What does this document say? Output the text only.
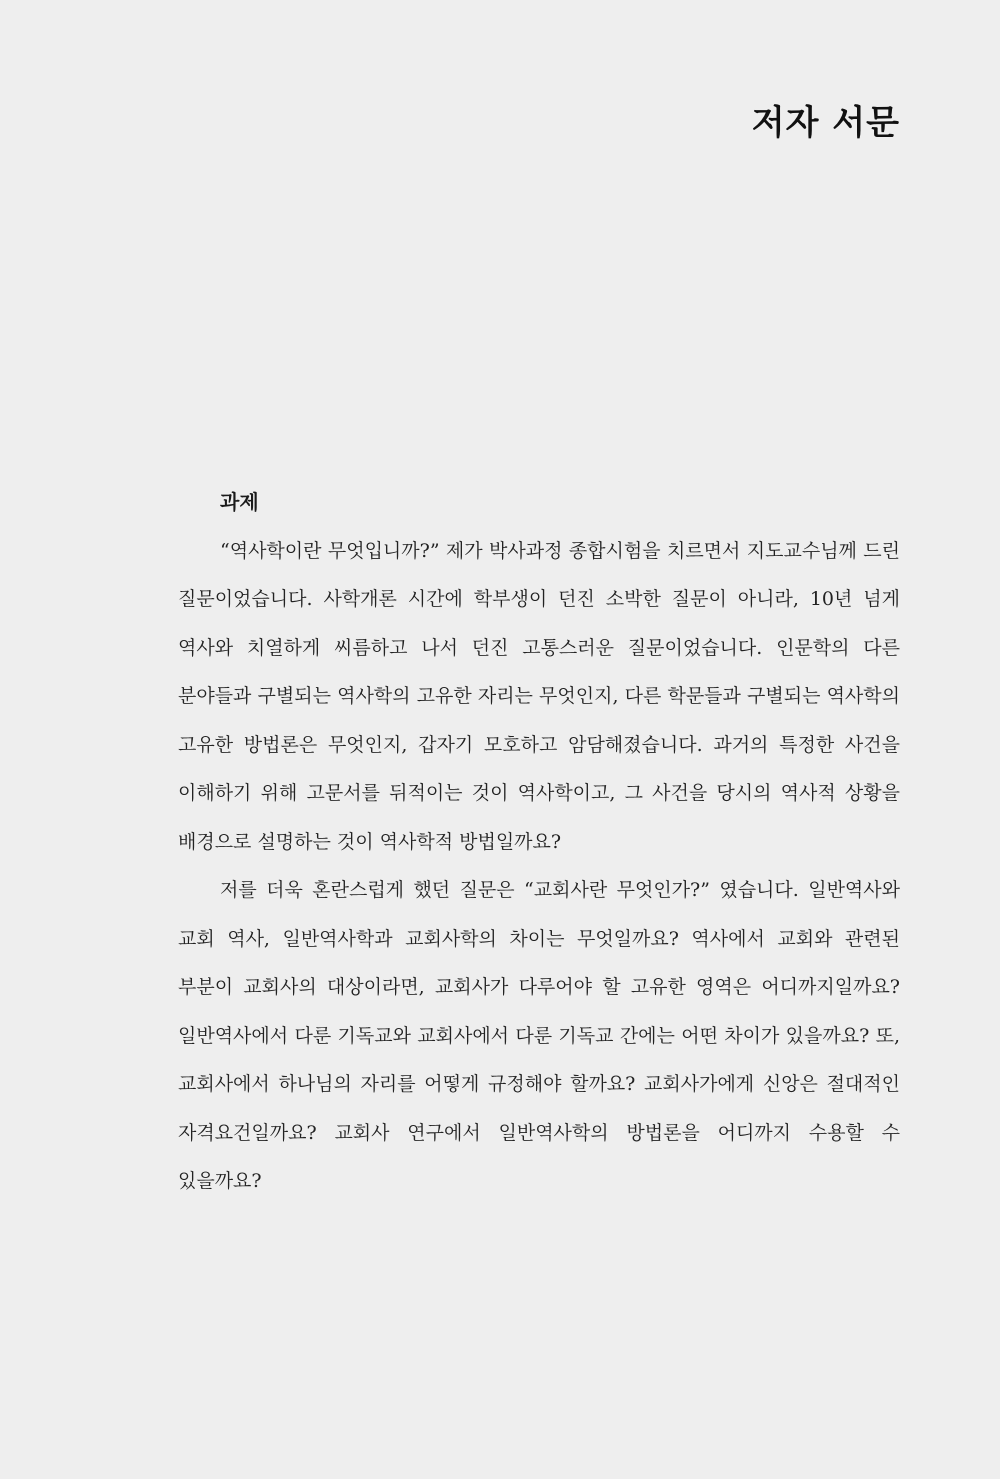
저자 서문
과제

“역사학이란 무엇입니까?” 제가 박사과정 종합시험을 치르면서 지도교수님께 드린 질문이었습니다. 사학개론 시간에 학부생이 던진 소박한 질문이 아니라, 10년 넘게 역사와 치열하게 씨름하고 나서 던진 고통스러운 질문이었습니다. 인문학의 다른 분야들과 구별되는 역사학의 고유한 자리는 무엇인지, 다른 학문들과 구별되는 역사학의 고유한 방법론은 무엇인지, 갑자기 모호하고 암담해졌습니다. 과거의 특정한 사건을 이해하기 위해 고문서를 뒤적이는 것이 역사학이고, 그 사건을 당시의 역사적 상황을 배경으로 설명하는 것이 역사학적 방법일까요?

저를 더욱 혼란스럽게 했던 질문은 “교회사란 무엇인가?” 였습니다. 일반역사와 교회 역사, 일반역사학과 교회사학의 차이는 무엇일까요? 역사에서 교회와 관련된 부분이 교회사의 대상이라면, 교회사가 다루어야 할 고유한 영역은 어디까지일까요? 일반역사에서 다룬 기독교와 교회사에서 다룬 기독교 간에는 어떤 차이가 있을까요? 또, 교회사에서 하나님의 자리를 어떻게 규정해야 할까요? 교회사가에게 신앙은 절대적인 자격요건일까요? 교회사 연구에서 일반역사학의 방법론을 어디까지 수용할 수 있을까요?
